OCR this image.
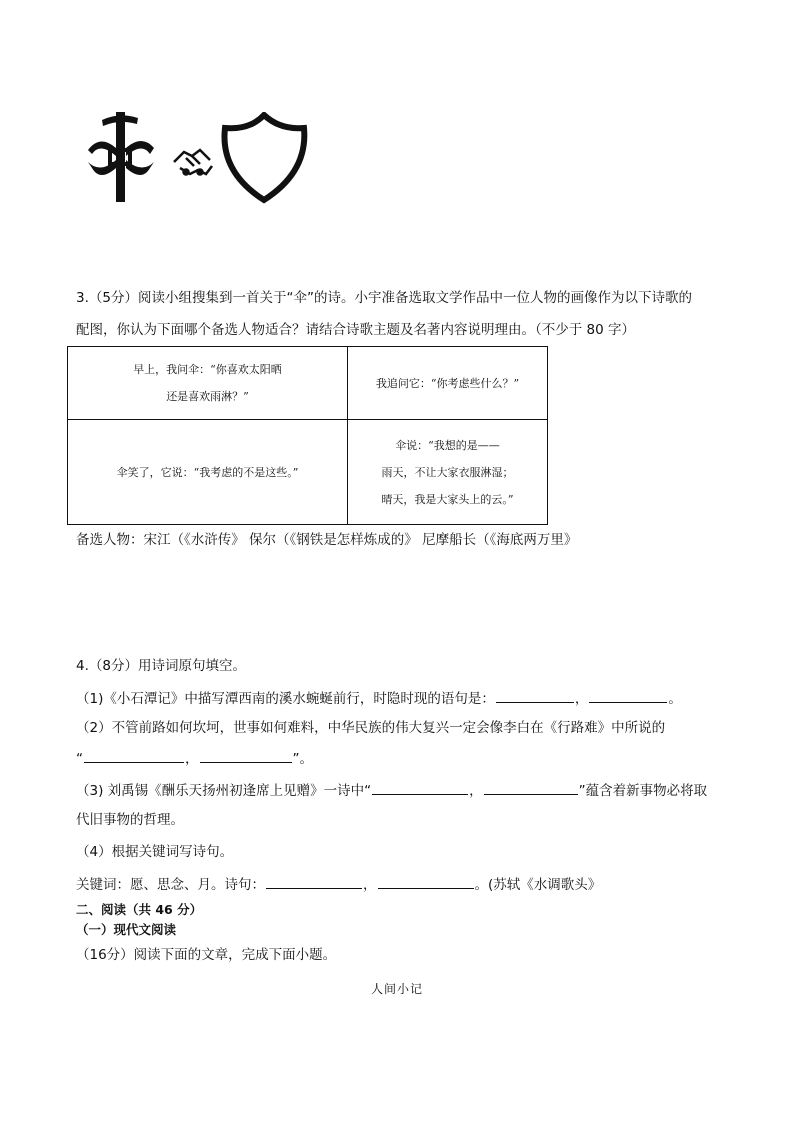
3.（5分）阅读小组搜集到一首关于“伞”的诗。小宇准备选取文学作品中一位人物的画像作为以下诗歌的
配图，你认为下面哪个备选人物适合？请结合诗歌主题及名著内容说明理由。（不少于 80 字）
早上，我问伞：“你喜欢太阳晒
还是喜欢雨淋？”	我追问它：“你考虑些什么？”

伞笑了，它说：“我考虑的不是这些。”	伞说：“我想的是——
雨天，不让大家衣服淋湿；
晴天，我是大家头上的云。”
备选人物：宋江（《水浒传》 保尔（《钢铁是怎样炼成的》 尼摩船长（《海底两万里》
4.（8分）用诗词原句填空。
（1)《小石潭记》中描写潭西南的溪水蜿蜒前行，时隐时现的语句是：	，	。
（2）不管前路如何坎坷，世事如何难料，中华民族的伟大复兴一定会像李白在《行路难》中所说的
“	，	”。
（3) 刘禹锡《酬乐天扬州初逢席上见赠》一诗中“	，	”蕴含着新事物必将取
代旧事物的哲理。
（4）根据关键词写诗句。
关键词：愿、思念、月。诗句：	，	。(苏轼《水调歌头》
二、阅读（共 46 分）
（一）现代文阅读
（16分）阅读下面的文章，完成下面小题。
人间小记
